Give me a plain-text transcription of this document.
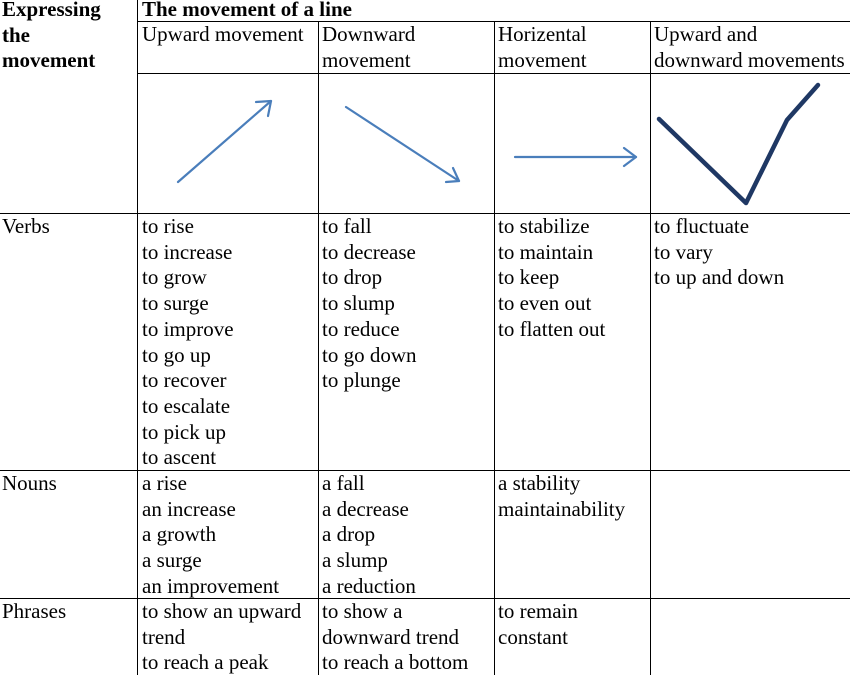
Expressing
the
movement
The movement of a line
Upward movement Downward
movement
Horizental
movement
Upward and
downward movements
Verbs
Nouns
Phrases
to rise
to increase
to grow
to surge
to improve
to go up
to recover
to escalate
to pick up
to ascent
to fall
to decrease
to drop
to slump
to reduce
to go down
to plunge
to stabilize
to maintain
to keep
to even out
to flatten out
to fluctuate
to vary
to up and down
a rise
an increase
a growth
a surge
an improvement
a fall
a decrease
a drop
a slump
a reduction
a stability
maintainability
to show an upward
trend
to reach a peak
to show a
downward trend
to reach a bottom
to remain
constant
